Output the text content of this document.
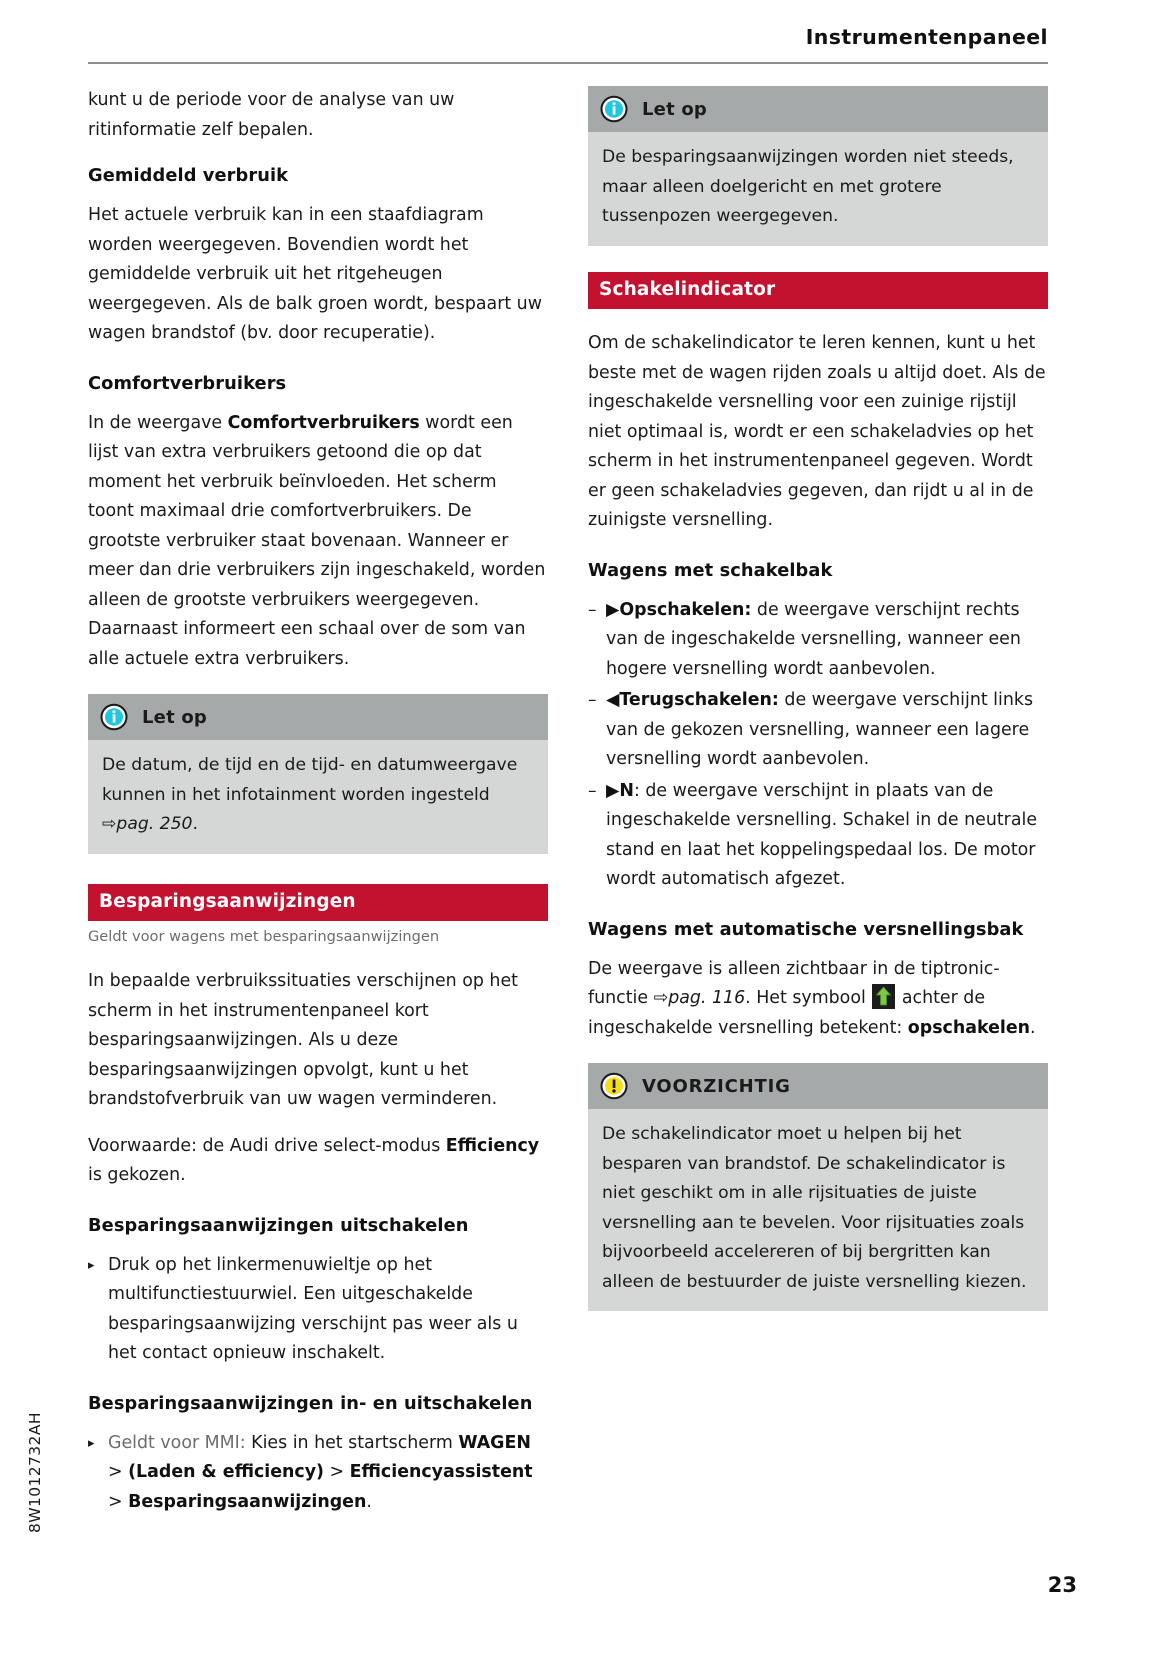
Instrumentenpaneel

kunt u de periode voor de analyse van uw ritinformatie zelf bepalen.

Gemiddeld verbruik

Het actuele verbruik kan in een staafdiagram worden weergegeven. Bovendien wordt het gemiddelde verbruik uit het ritgeheugen weergegeven. Als de balk groen wordt, bespaart uw wagen brandstof (bv. door recuperatie).

Comfortverbruikers

In de weergave Comfortverbruikers wordt een lijst van extra verbruikers getoond die op dat moment het verbruik beïnvloeden. Het scherm toont maximaal drie comfortverbruikers. De grootste verbruiker staat bovenaan. Wanneer er meer dan drie verbruikers zijn ingeschakeld, worden alleen de grootste verbruikers weergegeven. Daarnaast informeert een schaal over de som van alle actuele extra verbruikers.

Let op

De datum, de tijd en de tijd- en datumweergave kunnen in het infotainment worden ingesteld ⇨pag. 250.

Besparingsaanwijzingen
Geldt voor wagens met besparingsaanwijzingen

In bepaalde verbruikssituaties verschijnen op het scherm in het instrumentenpaneel kort besparingsaanwijzingen. Als u deze besparingsaanwijzingen opvolgt, kunt u het brandstofverbruik van uw wagen verminderen.

Voorwaarde: de Audi drive select-modus Efficiency is gekozen.

Besparingsaanwijzingen uitschakelen
▸ Druk op het linkermenuwieltje op het multifunctiestuurwiel. Een uitgeschakelde besparingsaanwijzing verschijnt pas weer als u het contact opnieuw inschakelt.
Besparingsaanwijzingen in- en uitschakelen
▸ Geldt voor MMI: Kies in het startscherm WAGEN > (Laden & efficiency) > Efficiencyassistent > Besparingsaanwijzingen.
Let op

De besparingsaanwijzingen worden niet steeds, maar alleen doelgericht en met grotere tussenpozen weergegeven.

Schakelindicator

Om de schakelindicator te leren kennen, kunt u het beste met de wagen rijden zoals u altijd doet. Als de ingeschakelde versnelling voor een zuinige rijstijl niet optimaal is, wordt er een schakeladvies op het scherm in het instrumentenpaneel gegeven. Wordt er geen schakeladvies gegeven, dan rijdt u al in de zuinigste versnelling.

Wagens met schakelbak
– ▶Opschakelen: de weergave verschijnt rechts van de ingeschakelde versnelling, wanneer een hogere versnelling wordt aanbevolen.
– ◀Terugschakelen: de weergave verschijnt links van de gekozen versnelling, wanneer een lagere versnelling wordt aanbevolen.
– ▶N: de weergave verschijnt in plaats van de ingeschakelde versnelling. Schakel in de neutrale stand en laat het koppelingspedaal los. De motor wordt automatisch afgezet.
Wagens met automatische versnellingsbak

De weergave is alleen zichtbaar in de tiptronic-functie ⇨pag. 116. Het symbool
achter de ingeschakelde versnelling betekent: opschakelen.

VOORZICHTIG

De schakelindicator moet u helpen bij het besparen van brandstof. De schakelindicator is niet geschikt om in alle rijsituaties de juiste versnelling aan te bevelen. Voor rijsituaties zoals bijvoorbeeld accelereren of bij bergritten kan alleen de bestuurder de juiste versnelling kiezen.

8W1012732AH
23
